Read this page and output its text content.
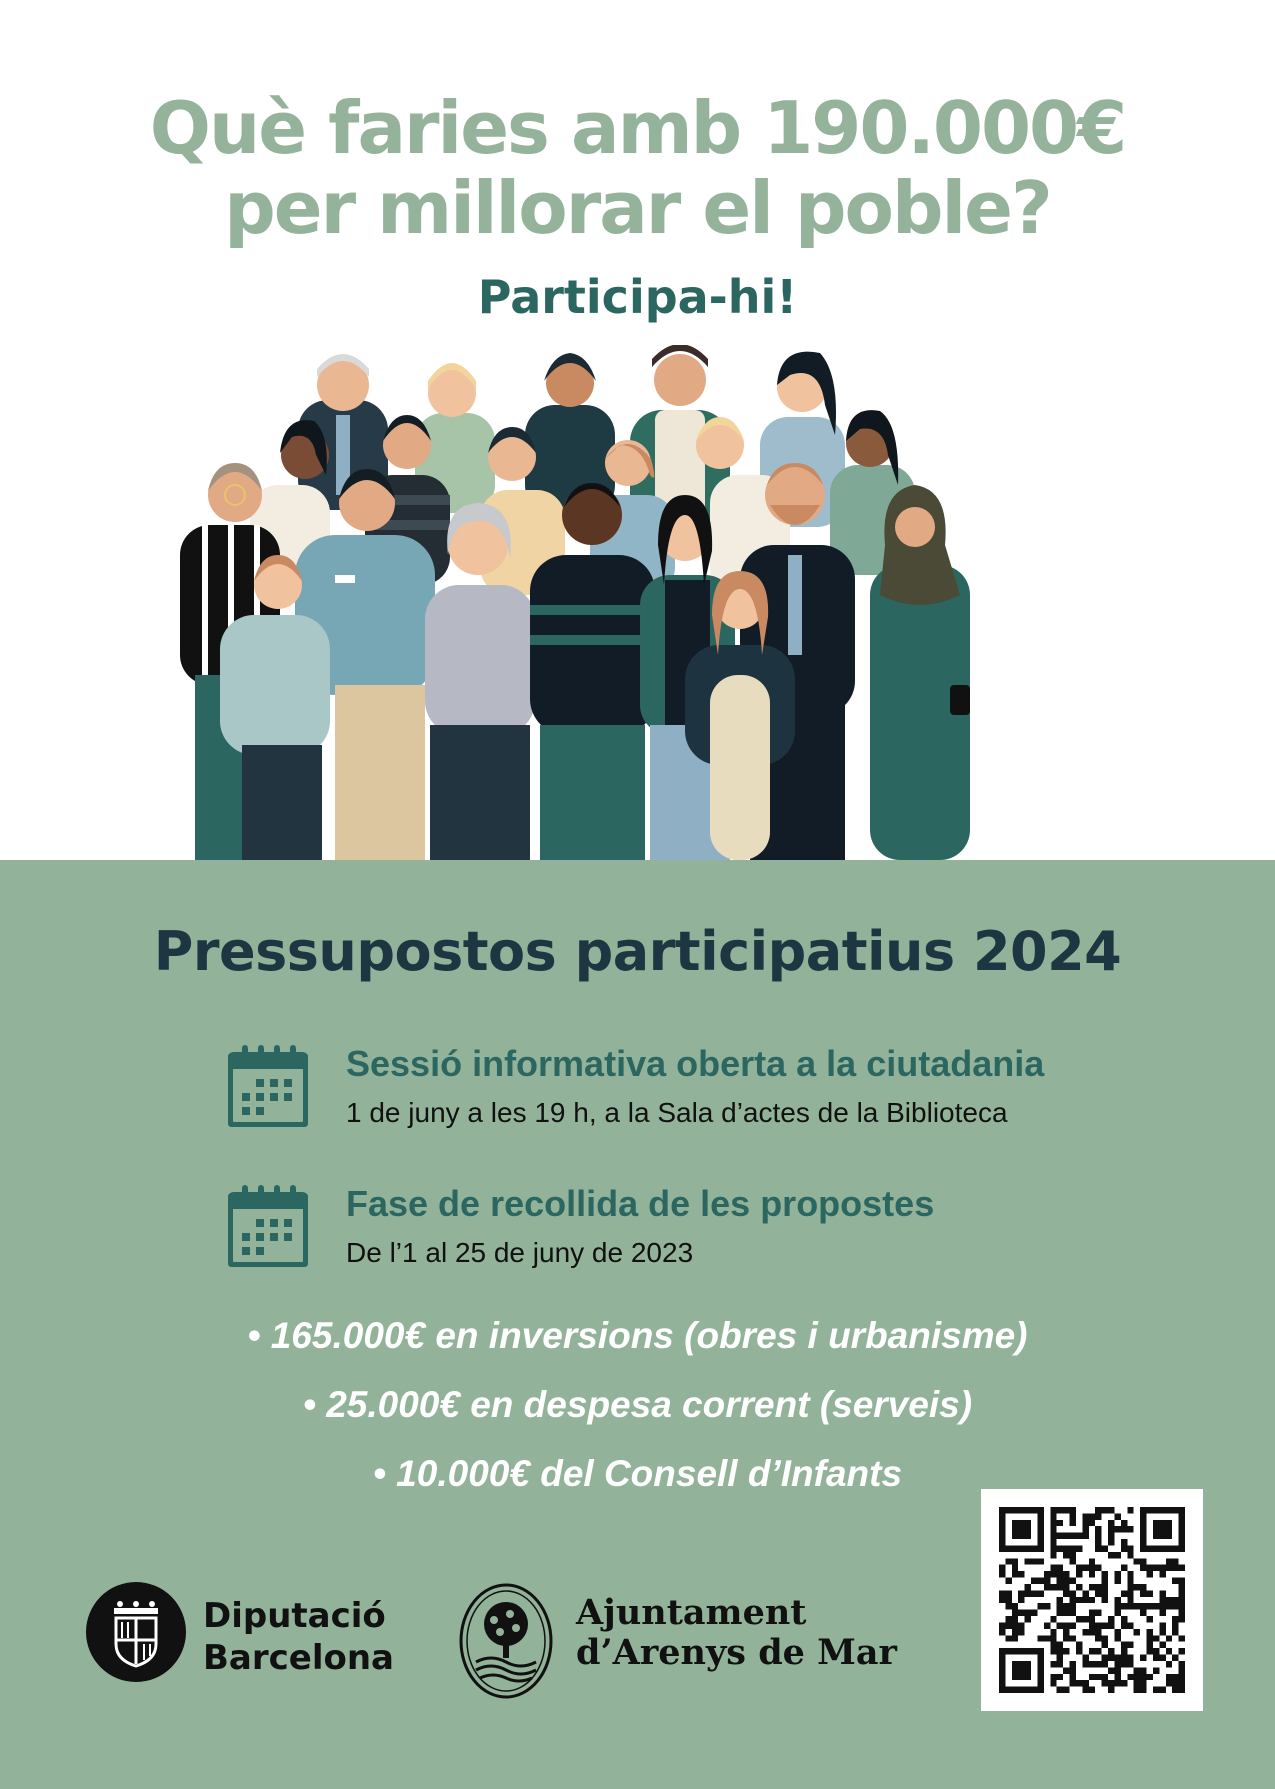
Què faries amb 190.000€
per millorar el poble?
Participa-hi!
Pressupostos participatius 2024
Sessió informativa oberta a la ciutadania
1 de juny a les 19 h, a la Sala d’actes de la Biblioteca
Fase de recollida de les propostes
De l’1 al 25 de juny de 2023
• 165.000€ en inversions (obres i urbanisme)
• 25.000€ en despesa corrent (serveis)
• 10.000€ del Consell d’Infants
Diputació
Barcelona
Ajuntament
d’Arenys de Mar
